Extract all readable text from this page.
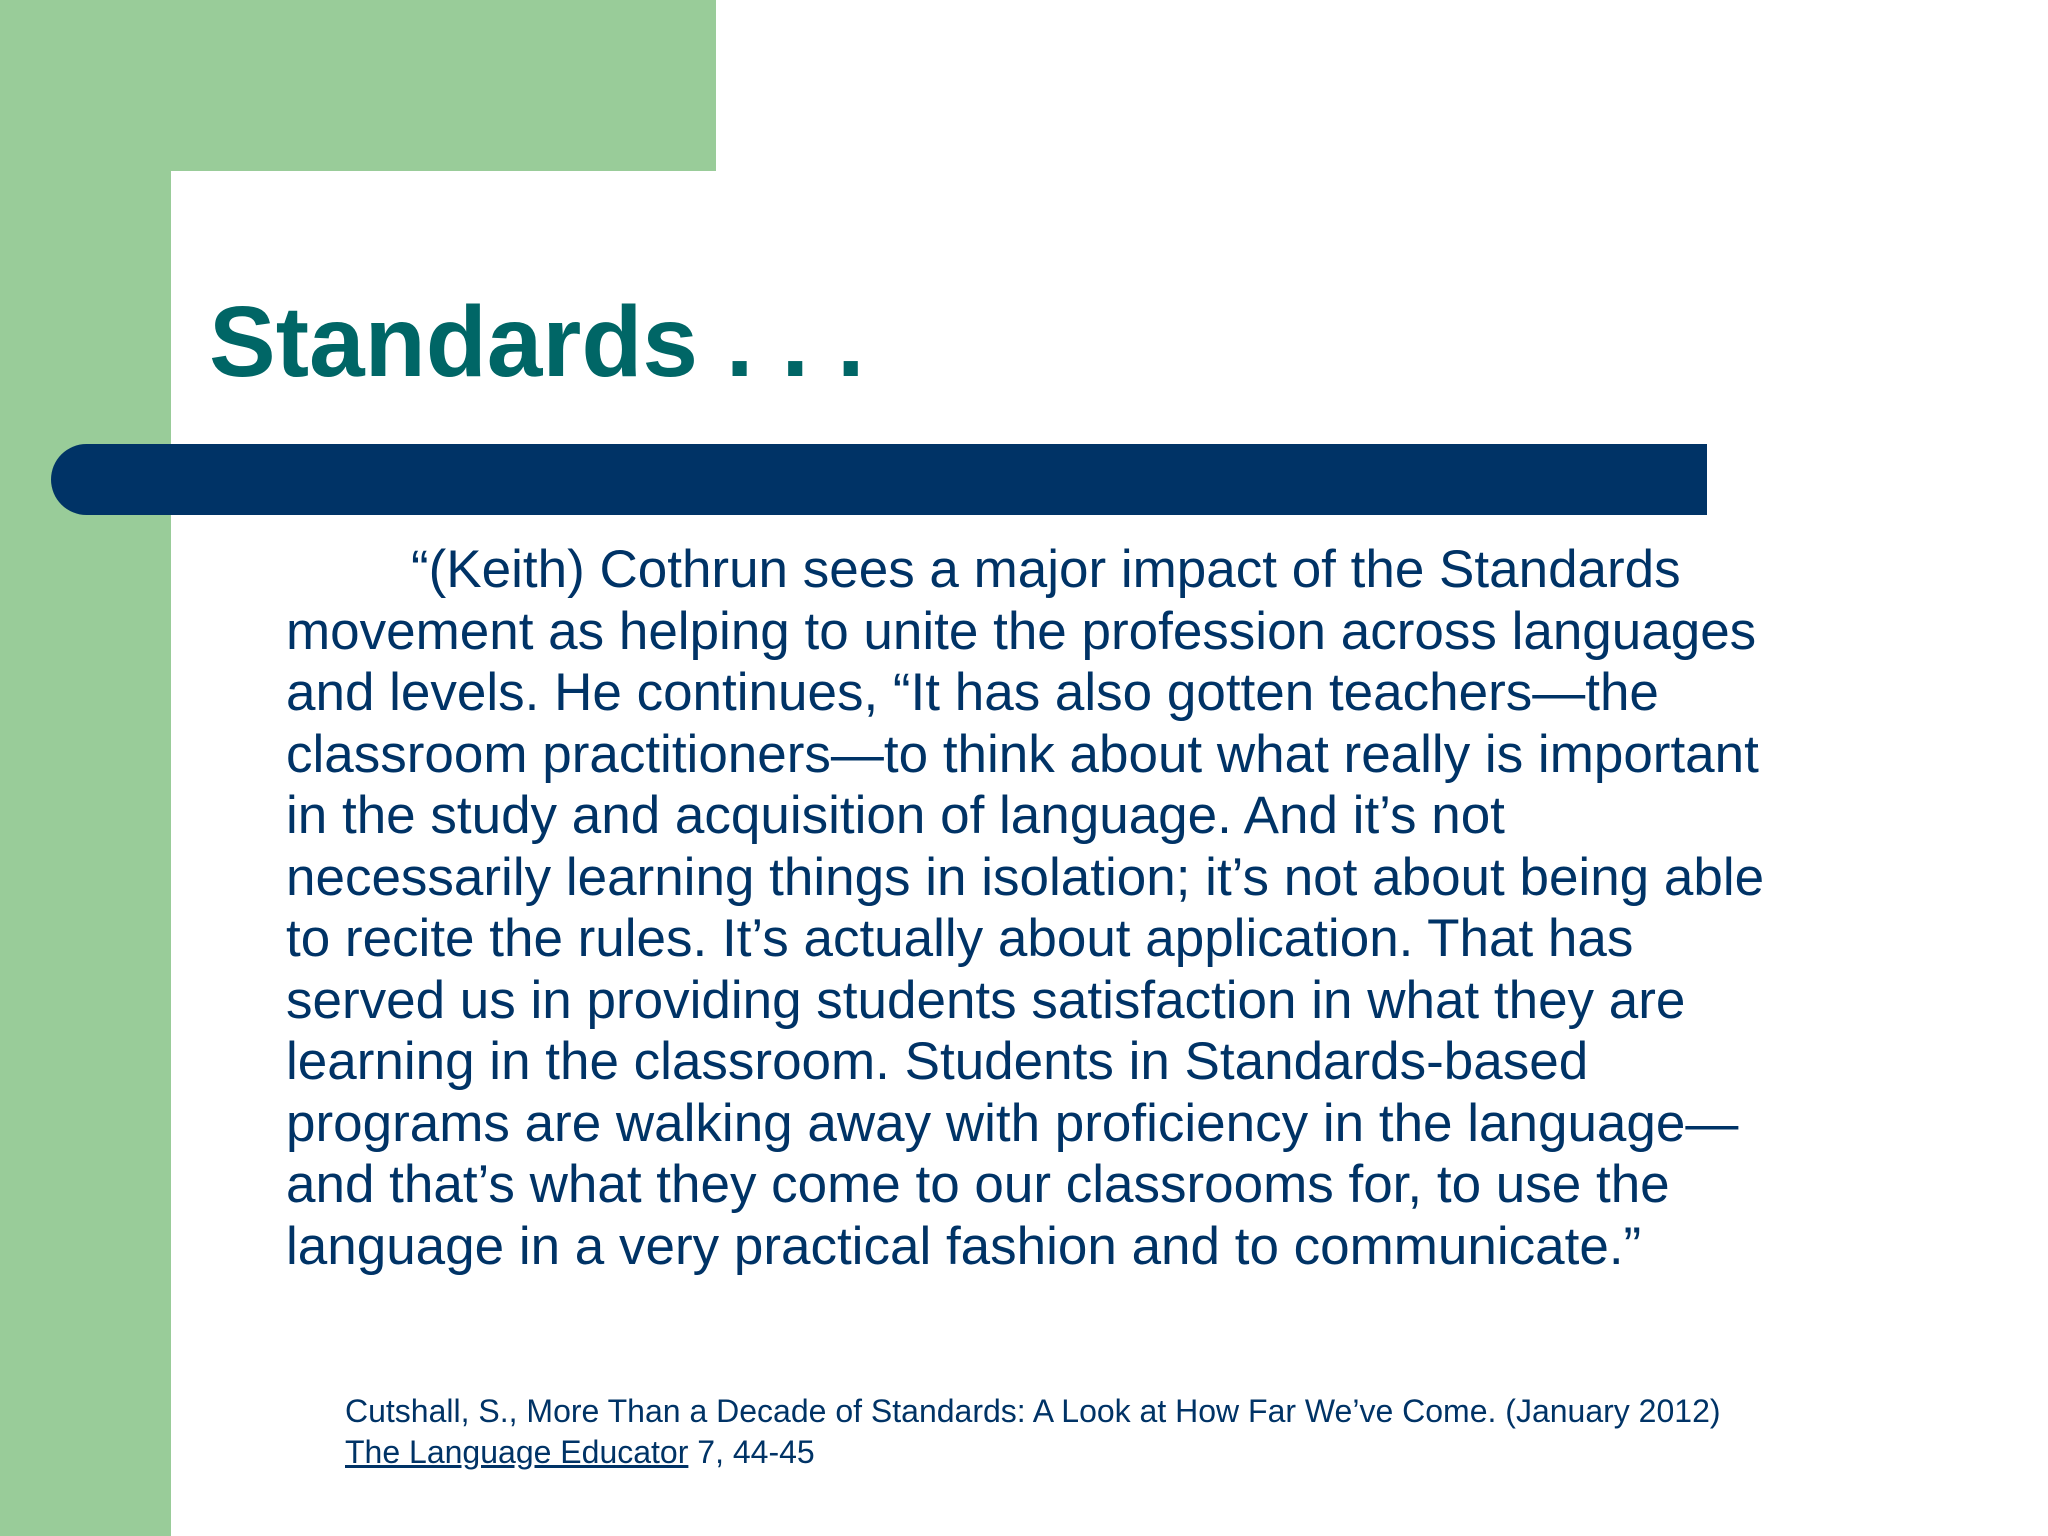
Standards . . .
“(Keith) Cothrun sees a major impact of the Standards
movement as helping to unite the profession across languages
and levels. He continues, “It has also gotten teachers—the
classroom practitioners—to think about what really is important
in the study and acquisition of language. And it’s not
necessarily learning things in isolation; it’s not about being able
to recite the rules. It’s actually about application. That has
served us in providing students satisfaction in what they are
learning in the classroom. Students in Standards-based
programs are walking away with proficiency in the language—
and that’s what they come to our classrooms for, to use the
language in a very practical fashion and to communicate.”
Cutshall, S., More Than a Decade of Standards: A Look at How Far We’ve Come. (January 2012)
The Language Educator 7, 44-45
